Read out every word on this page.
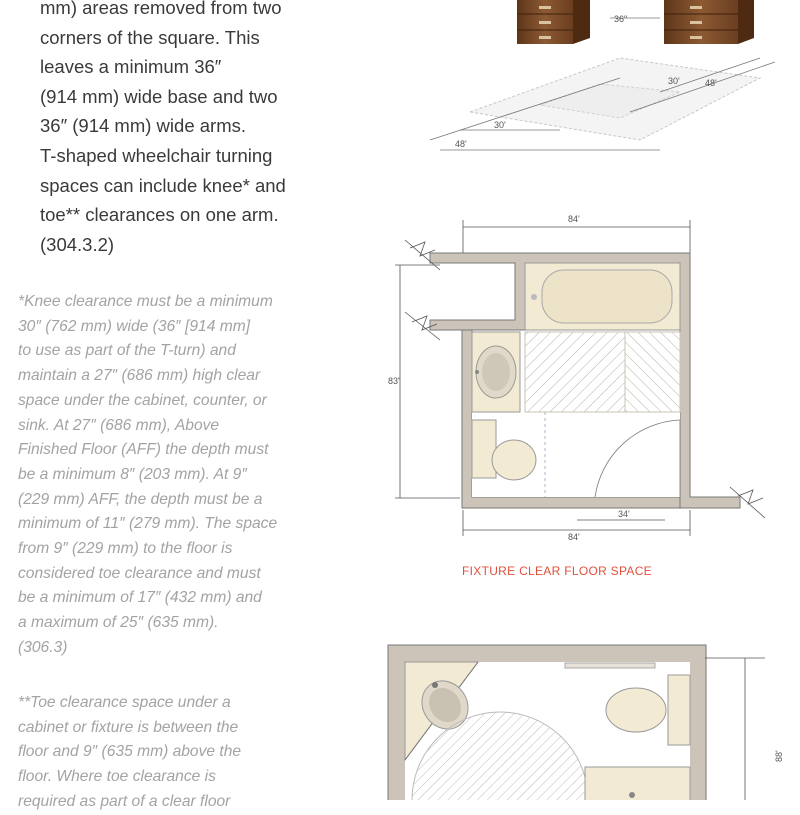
mm) areas removed from two
corners of the square. This
leaves a minimum 36″
(914 mm) wide base and two
36″ (914 mm) wide arms.
T-shaped wheelchair turning
spaces can include knee* and
toe** clearances on one arm.
(304.3.2)
*Knee clearance must be a minimum
30″ (762 mm) wide (36″ [914 mm]
to use as part of the T-turn) and
maintain a 27″ (686 mm) high clear
space under the cabinet, counter, or
sink. At 27″ (686 mm), Above
Finished Floor (AFF) the depth must
be a minimum 8″ (203 mm). At 9″
(229 mm) AFF, the depth must be a
minimum of 11″ (279 mm). The space
from 9″ (229 mm) to the floor is
considered toe clearance and must
be a minimum of 17″ (432 mm) and
a maximum of 25″ (635 mm).
(306.3)
**Toe clearance space under a
cabinet or fixture is between the
floor and 9″ (635 mm) above the
floor. Where toe clearance is
required as part of a clear floor
36"
30'	48'
30'
48'
84'
83'
84'
34'
FIXTURE CLEAR FLOOR SPACE
88'
